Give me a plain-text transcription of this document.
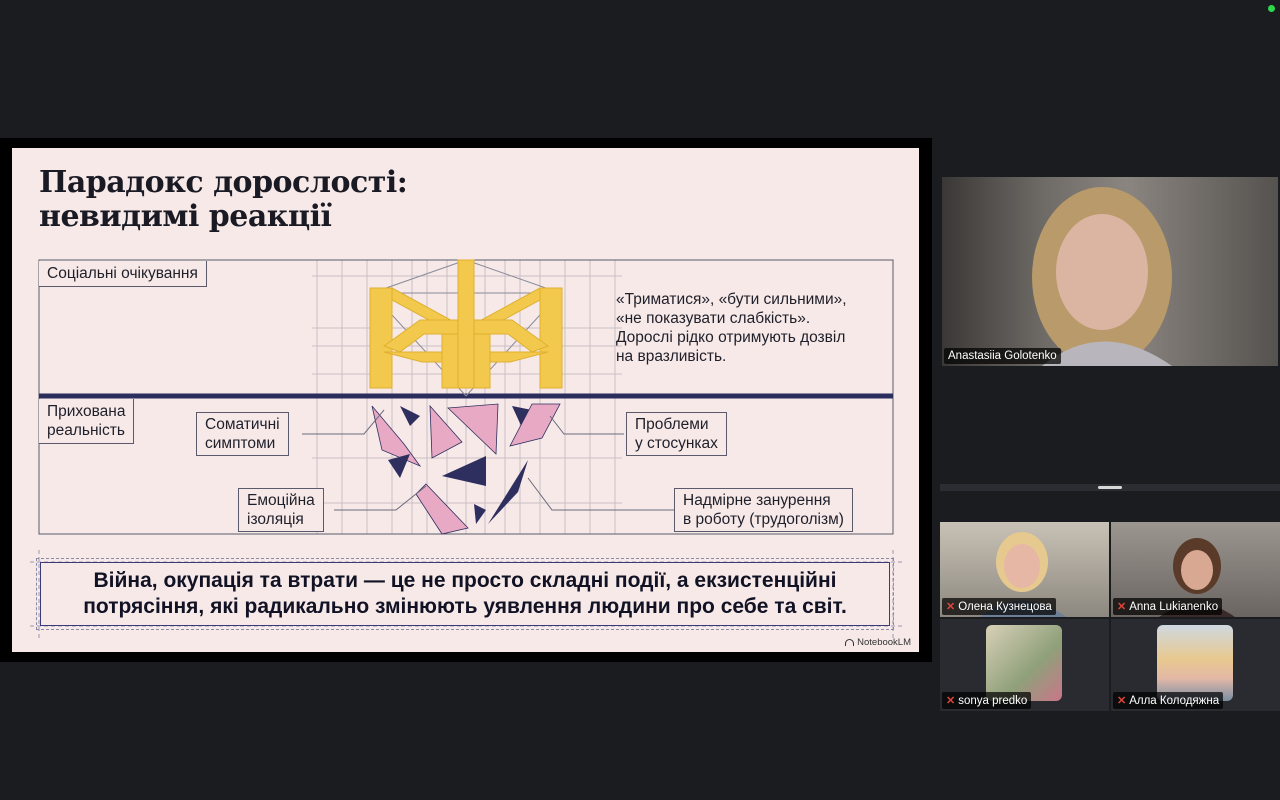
Парадокс дорослості:
невидимі реакції
Соціальні очікування
Прихована
реальність
«Триматися», «бути сильними»,
«не показувати слабкість».
Дорослі рідко отримують дозвіл
на вразливість.
Соматичні
симптоми
Проблеми
у стосунках
Емоційна
ізоляція
Надмірне занурення
в роботу (трудоголізм)
Війна, окупація та втрати — це не просто складні події, а екзистенційні
потрясіння, які радикально змінюють уявлення людини про себе та світ.
NotebookLM
Anastasiia Golotenko
✕ Олена Кузнецова	✕ Anna Lukianenko
✕ sonya predko	✕ Алла Колодяжна
